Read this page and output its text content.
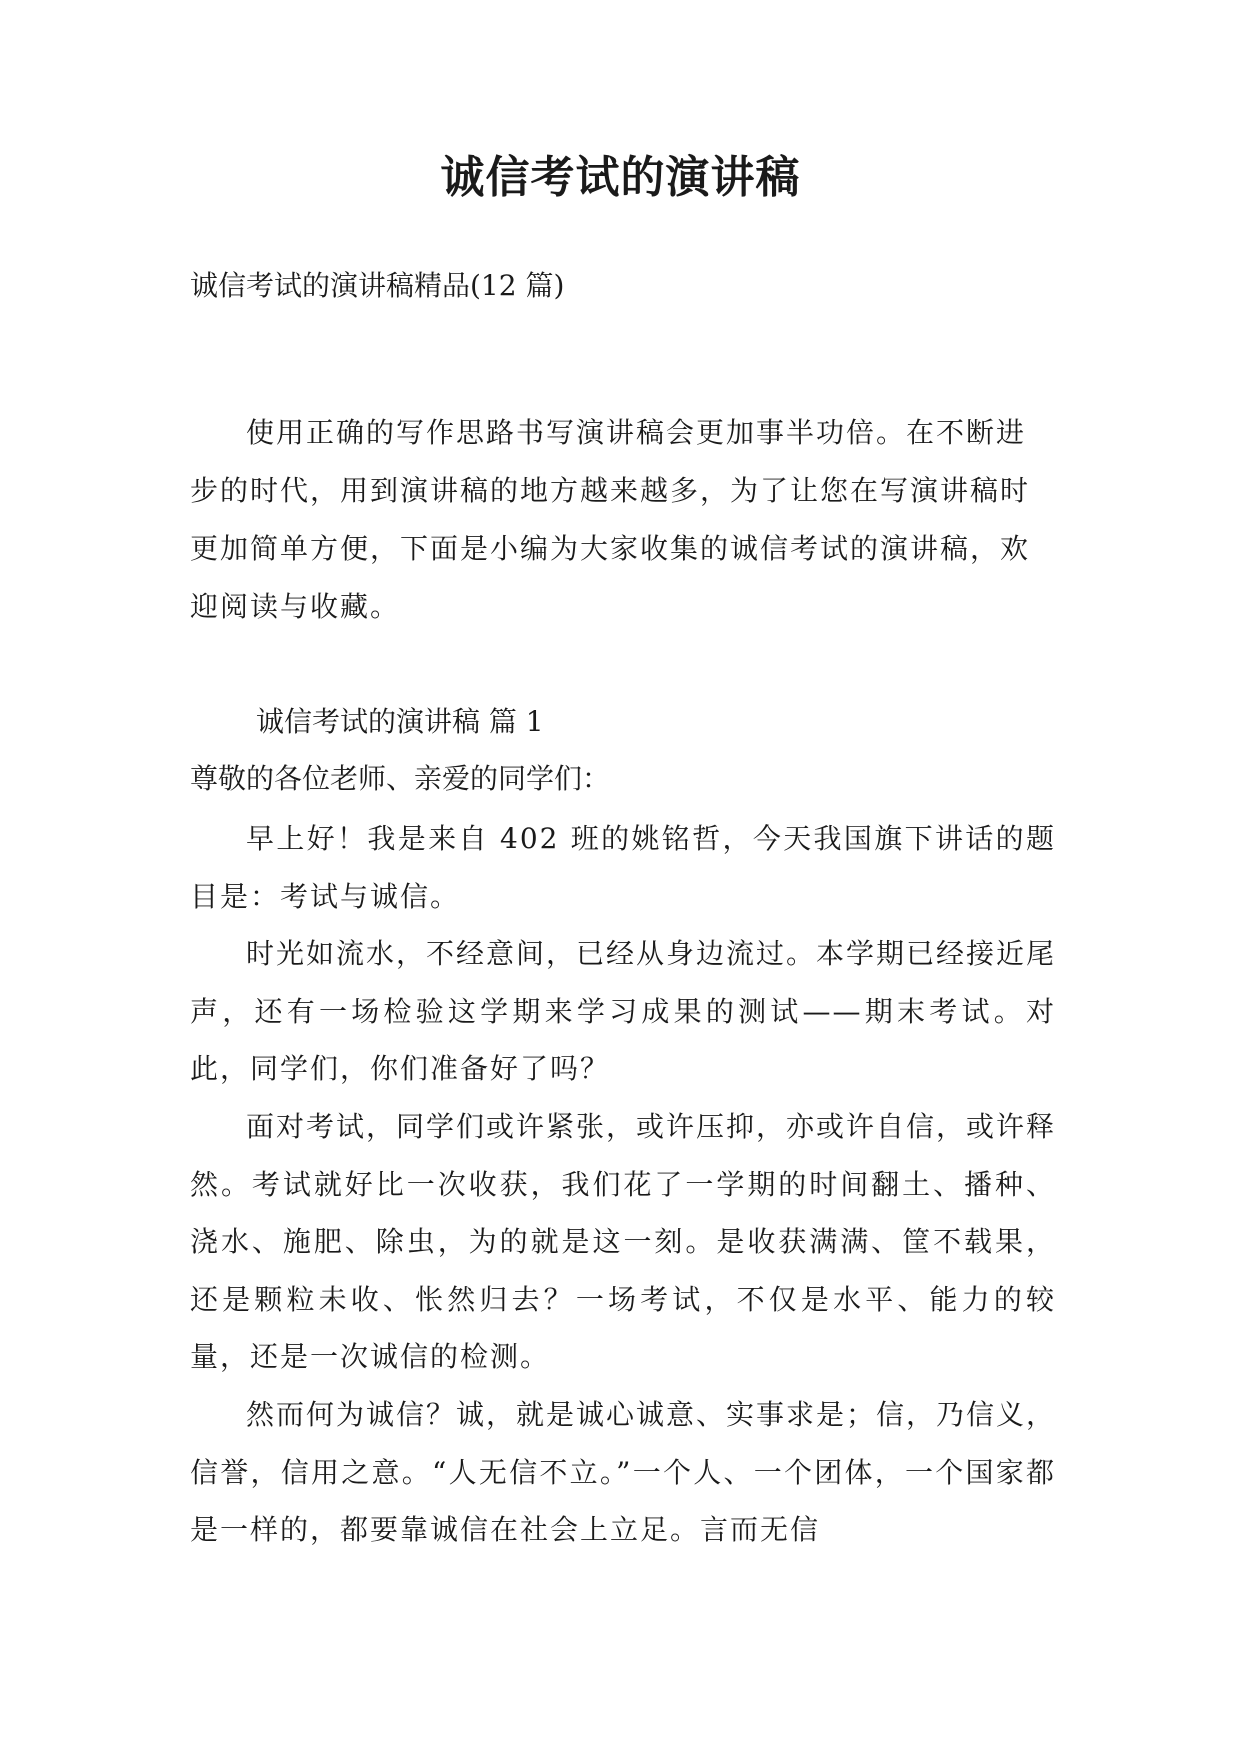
诚信考试的演讲稿

诚信考试的演讲稿精品(12 篇)

使用正确的写作思路书写演讲稿会更加事半功倍。在不断进步的时代，用到演讲稿的地方越来越多，为了让您在写演讲稿时更加简单方便，下面是小编为大家收集的诚信考试的演讲稿，欢迎阅读与收藏。

诚信考试的演讲稿 篇 1

尊敬的各位老师、亲爱的同学们：

早上好！我是来自 402 班的姚铭哲，今天我国旗下讲话的题目是：考试与诚信。

时光如流水，不经意间，已经从身边流过。本学期已经接近尾声，还有一场检验这学期来学习成果的测试——期末考试。对此，同学们，你们准备好了吗？

面对考试，同学们或许紧张，或许压抑，亦或许自信，或许释然。考试就好比一次收获，我们花了一学期的时间翻土、播种、浇水、施肥、除虫，为的就是这一刻。是收获满满、筐不载果，还是颗粒未收、怅然归去？一场考试，不仅是水平、能力的较量，还是一次诚信的检测。

然而何为诚信？诚，就是诚心诚意、实事求是；信，乃信义，信誉，信用之意。“人无信不立。”一个人、一个团体，一个国家都是一样的，都要靠诚信在社会上立足。言而无信
